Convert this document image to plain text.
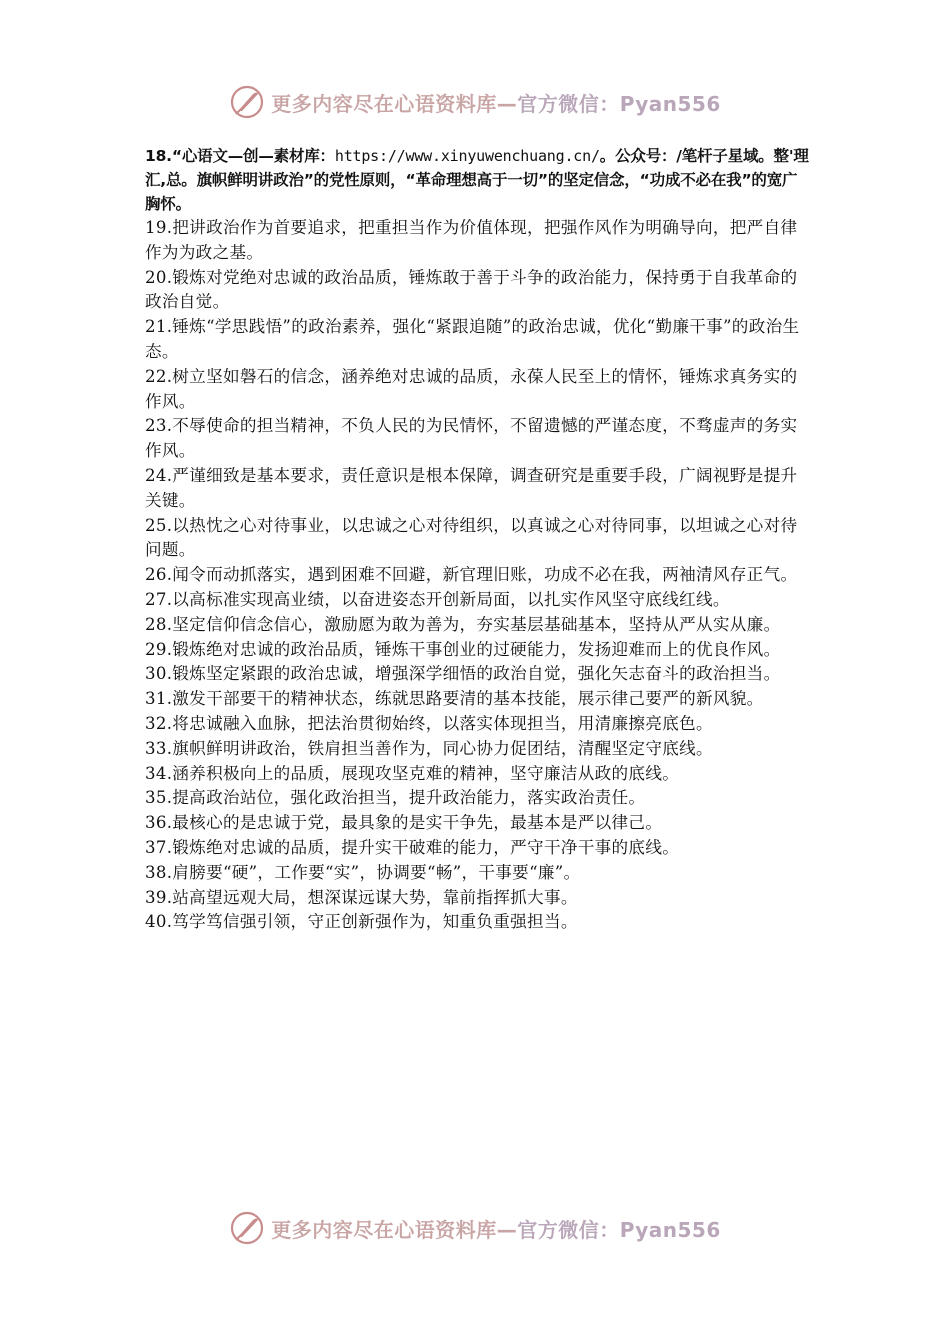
更多内容尽在心语资料库—官方微信：Pyan556
18.“心语文—创—素材库：https://www.xinyuwenchuang.cn/。公众号：/笔杆子星域。整'理汇,总。旗帜鲜明讲政治”的党性原则，“革命理想高于一切”的坚定信念，“功成不必在我”的宽广胸怀。
19.把讲政治作为首要追求，把重担当作为价值体现，把强作风作为明确导向，把严自律作为为政之基。
20.锻炼对党绝对忠诚的政治品质，锤炼敢于善于斗争的政治能力，保持勇于自我革命的政治自觉。
21.锤炼“学思践悟”的政治素养，强化“紧跟追随”的政治忠诚，优化“勤廉干事”的政治生态。
22.树立坚如磐石的信念，涵养绝对忠诚的品质，永葆人民至上的情怀，锤炼求真务实的作风。
23.不辱使命的担当精神，不负人民的为民情怀，不留遗憾的严谨态度，不骛虚声的务实作风。
24.严谨细致是基本要求，责任意识是根本保障，调查研究是重要手段，广阔视野是提升关键。
25.以热忱之心对待事业，以忠诚之心对待组织，以真诚之心对待同事，以坦诚之心对待问题。
26.闻令而动抓落实，遇到困难不回避，新官理旧账，功成不必在我，两袖清风存正气。
27.以高标准实现高业绩，以奋进姿态开创新局面，以扎实作风坚守底线红线。
28.坚定信仰信念信心，激励愿为敢为善为，夯实基层基础基本，坚持从严从实从廉。
29.锻炼绝对忠诚的政治品质，锤炼干事创业的过硬能力，发扬迎难而上的优良作风。
30.锻炼坚定紧跟的政治忠诚，增强深学细悟的政治自觉，强化矢志奋斗的政治担当。
31.激发干部要干的精神状态，练就思路要清的基本技能，展示律己要严的新风貌。
32.将忠诚融入血脉，把法治贯彻始终，以落实体现担当，用清廉擦亮底色。
33.旗帜鲜明讲政治，铁肩担当善作为，同心协力促团结，清醒坚定守底线。
34.涵养积极向上的品质，展现攻坚克难的精神，坚守廉洁从政的底线。
35.提高政治站位，强化政治担当，提升政治能力，落实政治责任。
36.最核心的是忠诚于党，最具象的是实干争先，最基本是严以律己。
37.锻炼绝对忠诚的品质，提升实干破难的能力，严守干净干事的底线。
38.肩膀要“硬”，工作要“实”，协调要“畅”，干事要“廉”。
39.站高望远观大局，想深谋远谋大势，靠前指挥抓大事。
40.笃学笃信强引领，守正创新强作为，知重负重强担当。
更多内容尽在心语资料库—官方微信：Pyan556
